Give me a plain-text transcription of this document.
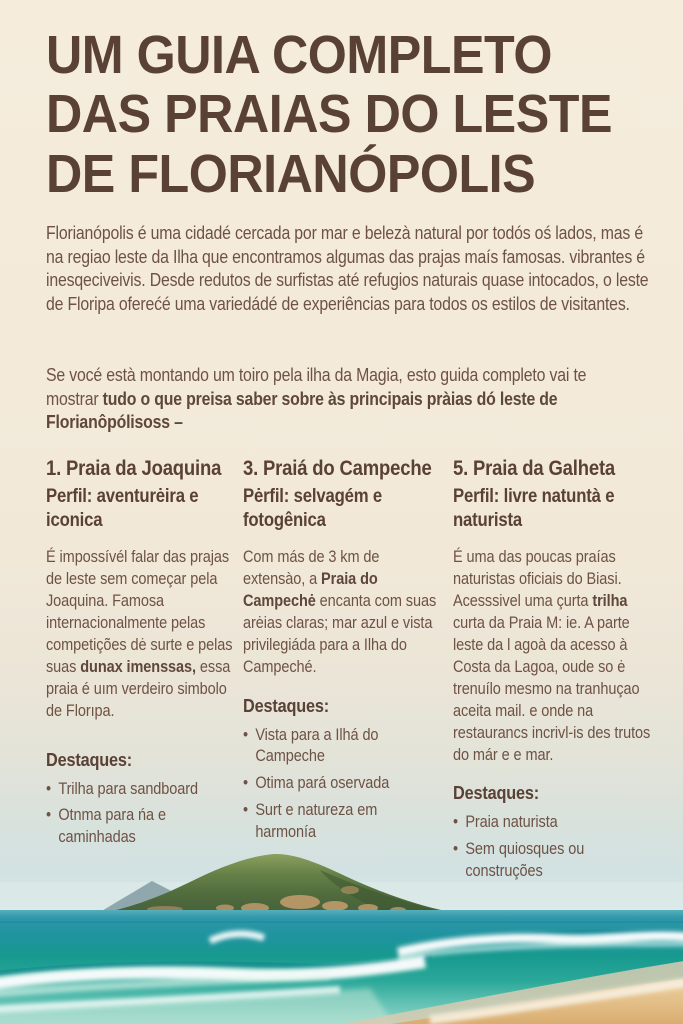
UM GUIA COMPLETO
DAS PRAIAS DO LESTE
DE FLORIANÓPOLIS

Florianópolis é uma cidadé cercada por mar e belezà natural por todós oś lados, mas é na regiao leste da Ilha que encontramos algumas das prajas maís famosas. vibrantes é inesqeciveivis. Desde redutos de surfistas até refugios naturais quase intocados, o leste de Floripa oferećé uma variedádé de experiências para todos os estilos de visitantes.

Se vocé està montando um toiro pela ilha da Magia, esto guida completo vai te mostrar tudo o que preisa saber sobre às principais pràias dó leste de Florianôpólisoss –

1. Praia da Joaquina
Perfil: aventurėira e iconica

É impossívél falar das prajas de leste sem começar pela Joaquina. Famosa internacionalmente pelas competições dė surte e pelas suas dunax imenssas, essa praia é uım verdeiro simbolo de Florıpa.

Destaques:
• Trilha para sandboard
• Otnma para ńa e caminhadas
3. Praiá do Campeche
Pėrfil: selvagém e fotogênica

Com más de 3 km de extensào, a Praia do Campechė encanta com suas arėias claras; mar azul e vista privilegiáda para a Ilha do Campeché.

Destaques:
• Vista para a Ilhá do Campeche
• Otima pará oservada
• Surt e natureza em harmonía
5. Praia da Galheta
Perfil: livre natuntà e naturista

É uma das poucas praías naturistas oficiais do Biasi. Acesssivel uma çurta trilha curta da Praia M: ie. A parte leste da l agoà da acesso à Costa da Lagoa, oude so ė trenuílo mesmo na tranhuçao aceita mail. e onde na restaurancs incrivl-is des trutos do már e e mar.

Destaques:
• Praia naturista
• Sem quiosques ou construções
